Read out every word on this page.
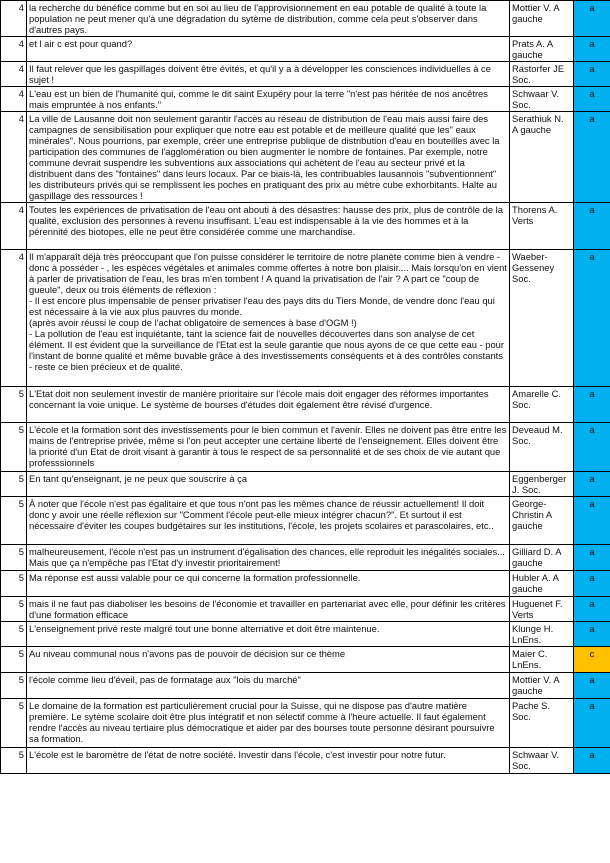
4	la recherche du bénéfice comme but en soi au lieu de l'approvisionnement en eau potable de qualité à toute la population ne peut mener qu'à une dégradation du sytème de distribution, comme cela peut s'observer dans d'autres pays.	Mottier V. A gauche	a
4	et l air c est pour quand?	Prats A. A gauche	a
4	Il faut relever que les gaspillages doivent être évités, et qu'il y a à développer les consciences individuelles à ce sujet !	Rastorfer JE Soc.	a
4	L'eau est un bien de l'humanité qui, comme le dit saint Exupéry pour la terre "n'est pas héritée de nos ancêtres mais empruntée à nos enfants."	Schwaar V. Soc.	a
4	La ville de Lausanne doit non seulement garantir l'accès au réseau de distribution de l'eau mais aussi faire des campagnes de sensibilisation pour expliquer que notre eau est potable et de meilleure qualité que les" eaux minérales". Nous pourrions, par exemple, créer une entreprise publique de distribution d'eau en bouteilles avec la participation des communes de l'agglomération ou bien augmenter le nombre de fontaines. Par exemple, notre commune devrait suspendre les subventions aux associations qui achètent de l'eau au secteur privé et la distribuent dans des "fontaines" dans leurs locaux. Par ce biais-là, les contribuables lausannois "subventionnent" les distributeurs privés qui se remplissent les poches en pratiquant des prix au mètre cube exhorbitants. Halte au gaspillage des ressources !	Serathiuk N. A gauche	a
4	Toutes les expériences de privatisation de l'eau ont abouti à des désastres: hausse des prix, plus de contrôle de la qualité, exclusion des personnes à revenu insuffisant. L'eau est indispensable à la vie des hommes et à la pérennité des biotopes, elle ne peut être considérée comme une marchandise.	Thorens A. Verts	a
4	Il m'apparaît déjà très préoccupant que l'on puisse considérer le territoire de notre planète comme bien à vendre - donc à posséder - , les espèces végétales et animales comme offertes à notre bon plaisir.... Mais lorsqu'on en vient à parler de privatisation de l'eau, les bras m'en tombent ! A quand la privatisation de l'air ? A part ce "coup de gueule", deux ou trois éléments de réflexion :
- Il est encore plus impensable de penser privatiser l'eau des pays dits du Tiers Monde, de vendre donc l'eau qui est nécessaire à la vie aux plus pauvres du monde.
(après avoir réussi le coup de l'achat obligatoire de semences à base d'OGM !)
- La pollution de l'eau est inquiétante, tant la science fait de nouvelles découvertes dans son analyse de cet élément. Il est évident que la surveillance de l'Etat est la seule garantie que nous ayons de ce que cette eau - pour l'instant de bonne qualité et même buvable grâce à des investissements conséquents et à des contrôles constants - reste ce bien précieux et de qualité.	Waeber-Gesseney Soc.	a
5	L'Etat doit non seulement investir de manière prioritaire sur l'école mais doit engager des réformes importantes concernant la voie unique. Le système de bourses d'études doit également être révisé d'urgence.	Amarelle C. Soc.	a
5	L'école et la formation sont des investissements pour le bien commun et l'avenir. Elles ne doivent pas être entre les mains de l'entreprise privée, même si l'on peut accepter une certaine liberté de l'enseignement. Elles doivent être la priorité d'un Etat de droit visant à garantir à tous le respect de sa personnalité et de ses choix de vie autant que professsionnels	Deveaud M. Soc.	a
5	En tant qu'enseignant, je ne peux que souscrire à ça	Eggenberger J. Soc.	a
5	À noter que l'école n'est pas égalitaire et que tous n'ont pas les mêmes chance de réussir actuellement! Il doit donc y avoir une réelle réflexion sur "Comment l'école peut-elle mieux intégrer chacun?". Et surtout il est nécessaire d'éviter les coupes budgétaires sur les institutions, l'école, les projets scolaires et parascolaires, etc..	George-Christin A gauche	a
5	malheureusement, l'école n'est pas un instrument d'égalisation des chances, elle reproduit les inégalités sociales... Mais que ça n'empêche pas l'Etat d'y investir prioritairement!	Gilliard D. A gauche	a
5	Ma réponse est aussi valable pour ce qui concerne la formation professionnelle.	Hubler A. A gauche	a
5	mais il ne faut pas diaboliser les besoins de l'économie et travailler en partenariat avec elle, pour définir les critères d'une formation efficace	Huguenet F. Verts	a
5	L'enseignement privé reste malgré tout une bonne alternative et doit être maintenue.	Klunge H. LnEns.	a
5	Au niveau communal nous n'avons pas de pouvoir de décision sur ce thème	Maier C. LnEns.	c
5	l'école comme lieu d'éveil, pas de formatage aux "lois du marché"	Mottier V. A gauche	a
5	Le domaine de la formation est particulièrement crucial pour la Suisse, qui ne dispose pas d'autre matière première. Le sytème scolaire doit être plus intégratif et non sélectif comme à l'heure actuelle. Il faut également rendre l'accès au niveau tertiaire plus démocratique et aider par des bourses toute personne désirant poursuivre sa formation.	Pache S. Soc.	a
5	L'école est le baromètre de l'état de notre société. Investir dans l'école, c'est investir pour notre futur.	Schwaar V. Soc.	a
